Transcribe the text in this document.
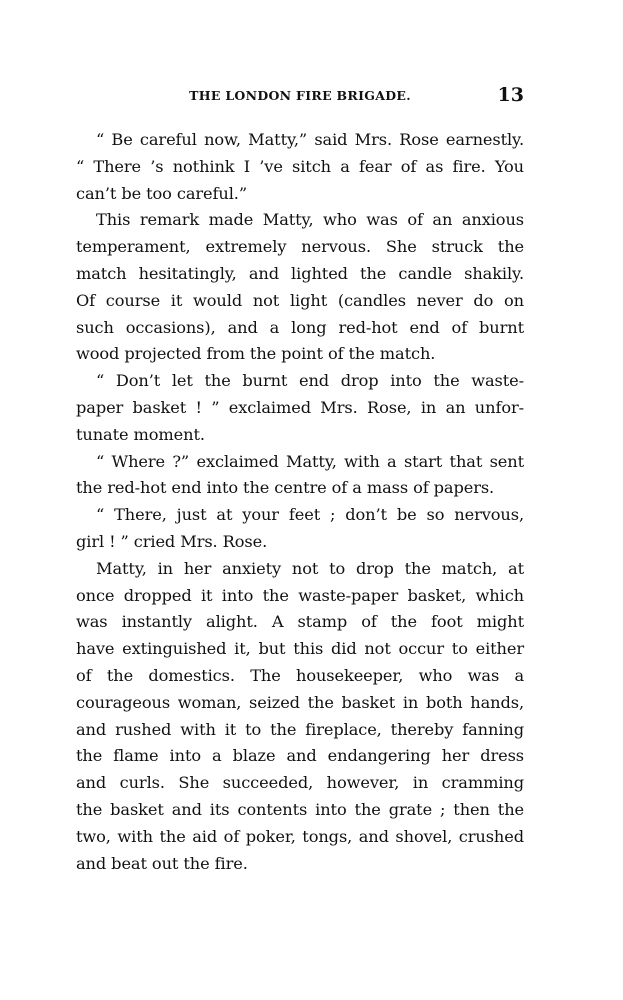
THE LONDON FIRE BRIGADE.	13
“ Be careful now, Matty,” said Mrs. Rose earnestly.
“ There ’s nothink I ’ve sitch a fear of as fire. You
can’t be too careful.”
This remark made Matty, who was of an anxious
temperament, extremely nervous. She struck the
match hesitatingly, and lighted the candle shakily.
Of course it would not light (candles never do on
such occasions), and a long red-hot end of burnt
wood projected from the point of the match.
“ Don’t let the burnt end drop into the waste-
paper basket ! ” exclaimed Mrs. Rose, in an unfor-
tunate moment.
“ Where ?” exclaimed Matty, with a start that sent
the red-hot end into the centre of a mass of papers.
“ There, just at your feet ; don’t be so nervous,
girl ! ” cried Mrs. Rose.
Matty, in her anxiety not to drop the match, at
once dropped it into the waste-paper basket, which
was instantly alight. A stamp of the foot might
have extinguished it, but this did not occur to either
of the domestics. The housekeeper, who was a
courageous woman, seized the basket in both hands,
and rushed with it to the fireplace, thereby fanning
the flame into a blaze and endangering her dress
and curls. She succeeded, however, in cramming
the basket and its contents into the grate ; then the
two, with the aid of poker, tongs, and shovel, crushed
and beat out the fire.
